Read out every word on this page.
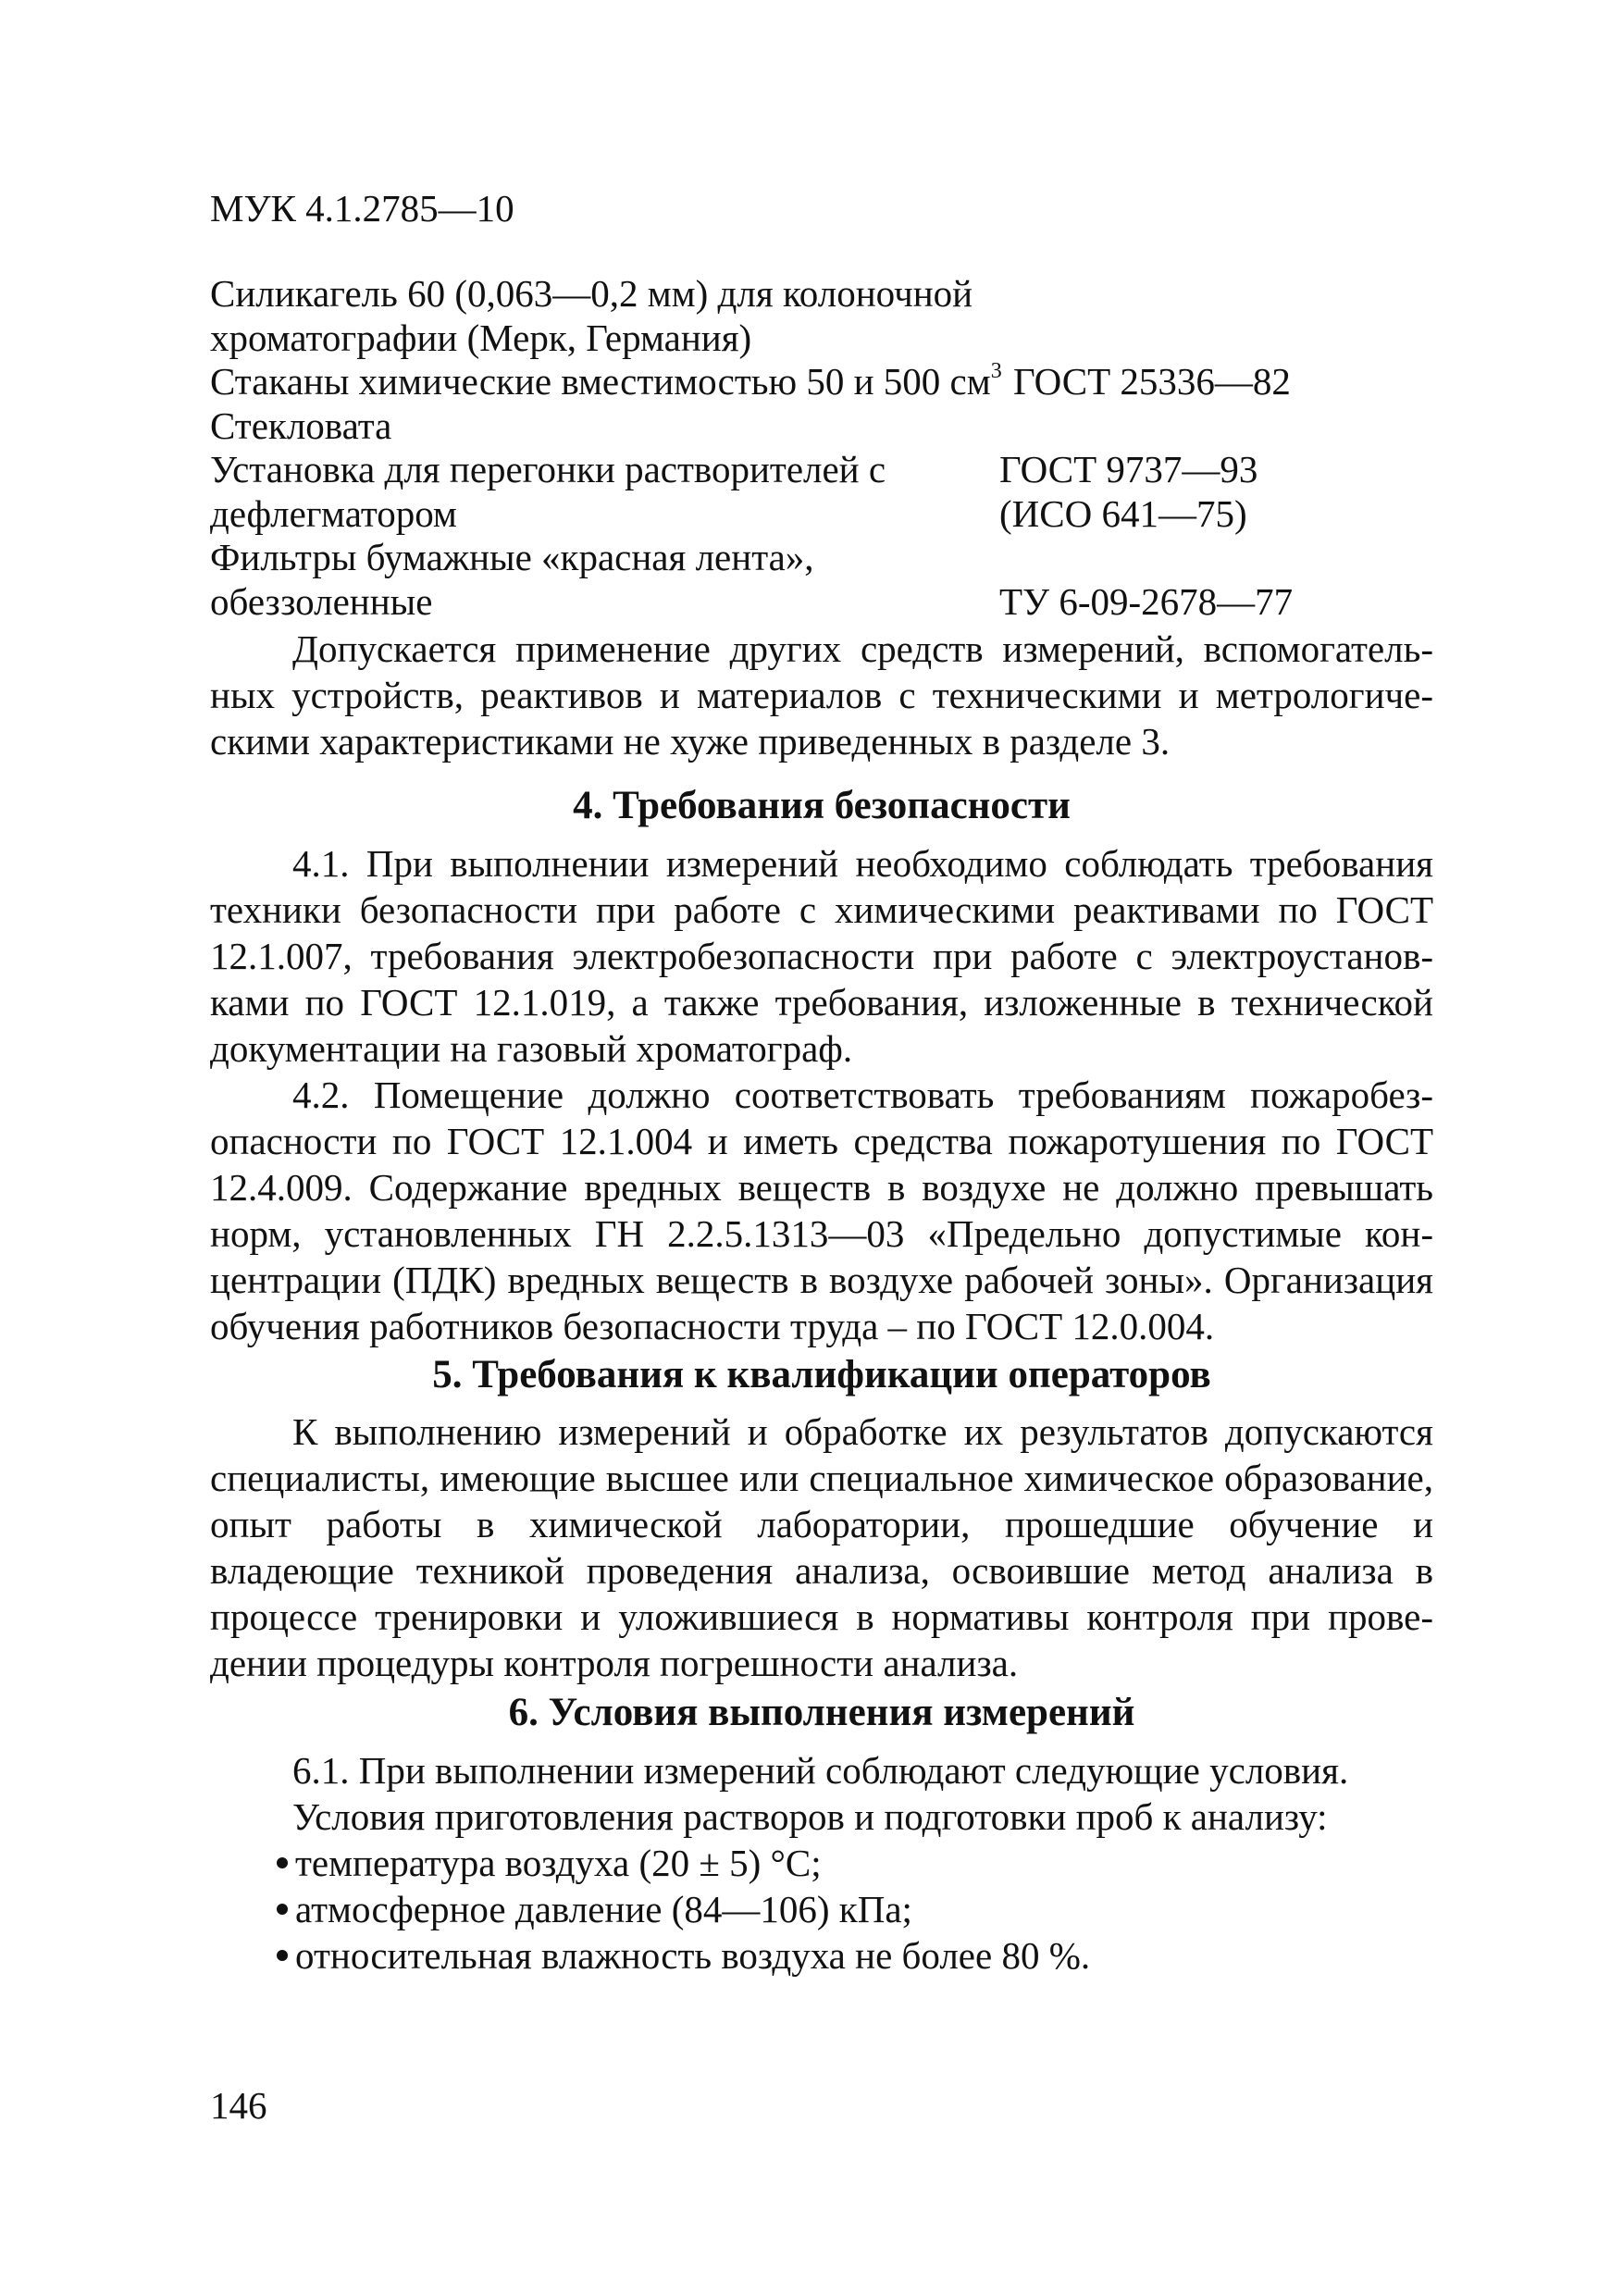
МУК 4.1.2785—10
Силикагель 60 (0,063—0,2 мм) для колоночной
хроматографии (Мерк, Германия)
Стаканы химические вместимостью 50 и 500 $см^3$ ГОСТ 25336—82
Стекловата
Установка для перегонки растворителей с	ГОСТ 9737—93
дефлегматором	(ИСО 641—75)
Фильтры бумажные «красная лента»,
обеззоленные	ТУ 6-09-2678—77

Допускается применение других средств измерений, вспомогательных устройств, реактивов и материалов с техническими и метрологическими характеристиками не хуже приведенных в разделе 3.

4. Требования безопасности

4.1. При выполнении измерений необходимо соблюдать требования техники безопасности при работе с химическими реактивами по ГОСТ 12.1.007, требования электробезопасности при работе с электроустановками по ГОСТ 12.1.019, а также требования, изложенные в технической документации на газовый хроматограф.

4.2. Помещение должно соответствовать требованиям пожаробезопасности по ГОСТ 12.1.004 и иметь средства пожаротушения по ГОСТ 12.4.009. Содержание вредных веществ в воздухе не должно превышать норм, установленных ГН 2.2.5.1313—03 «Предельно допустимые концентрации (ПДК) вредных веществ в воздухе рабочей зоны». Организация обучения работников безопасности труда – по ГОСТ 12.0.004.

5. Требования к квалификации операторов

К выполнению измерений и обработке их результатов допускаются специалисты, имеющие высшее или специальное химическое образование, опыт работы в химической лаборатории, прошедшие обучение и владеющие техникой проведения анализа, освоившие метод анализа в процессе тренировки и уложившиеся в нормативы контроля при проведении процедуры контроля погрешности анализа.

6. Условия выполнения измерений
6.1. При выполнении измерений соблюдают следующие условия.
Условия приготовления растворов и подготовки проб к анализу:
температура воздуха (20 ± 5) °С;
атмосферное давление (84—106) кПа;
относительная влажность воздуха не более 80 %.
146
